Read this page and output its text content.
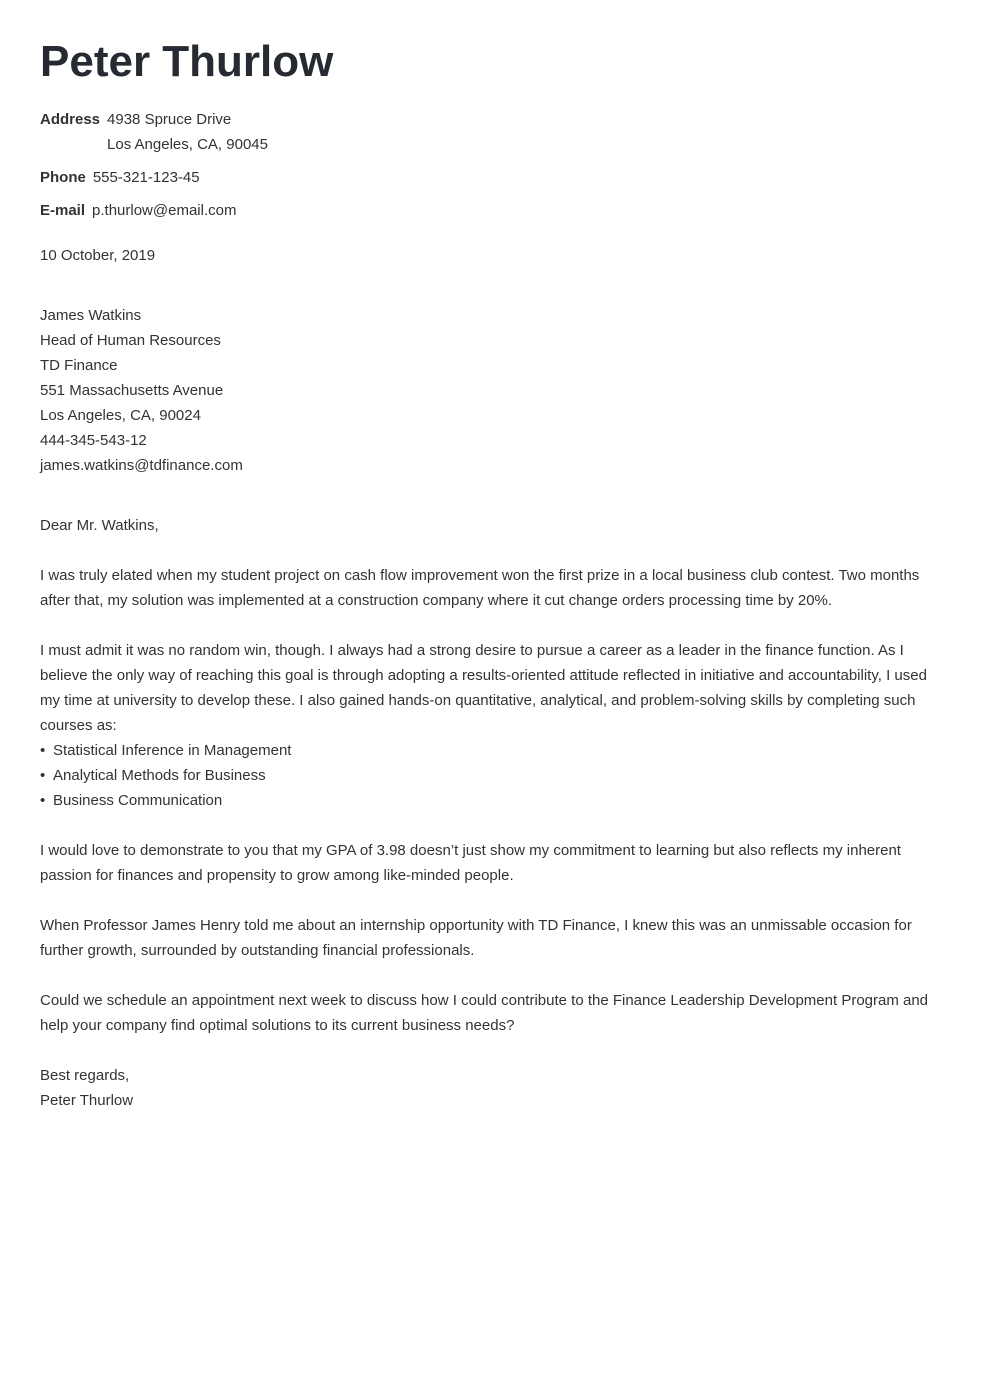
Peter Thurlow
Address 4938 Spruce Drive
Los Angeles, CA, 90045
Phone 555-321-123-45
E-mail p.thurlow@email.com
10 October, 2019
James Watkins
Head of Human Resources
TD Finance
551 Massachusetts Avenue
Los Angeles, CA, 90024
444-345-543-12
james.watkins@tdfinance.com
Dear Mr. Watkins,

I was truly elated when my student project on cash flow improvement won the first prize in a local business club contest. Two months after that, my solution was implemented at a construction company where it cut change orders processing time by 20%.

I must admit it was no random win, though. I always had a strong desire to pursue a career as a leader in the finance function. As I believe the only way of reaching this goal is through adopting a results-oriented attitude reflected in initiative and accountability, I used my time at university to develop these. I also gained hands-on quantitative, analytical, and problem-solving skills by completing such courses as:

• Statistical Inference in Management
• Analytical Methods for Business
• Business Communication

I would love to demonstrate to you that my GPA of 3.98 doesn’t just show my commitment to learning but also reflects my inherent passion for finances and propensity to grow among like-minded people.

When Professor James Henry told me about an internship opportunity with TD Finance, I knew this was an unmissable occasion for further growth, surrounded by outstanding financial professionals.

Could we schedule an appointment next week to discuss how I could contribute to the Finance Leadership Development Program and help your company find optimal solutions to its current business needs?

Best regards,
Peter Thurlow
